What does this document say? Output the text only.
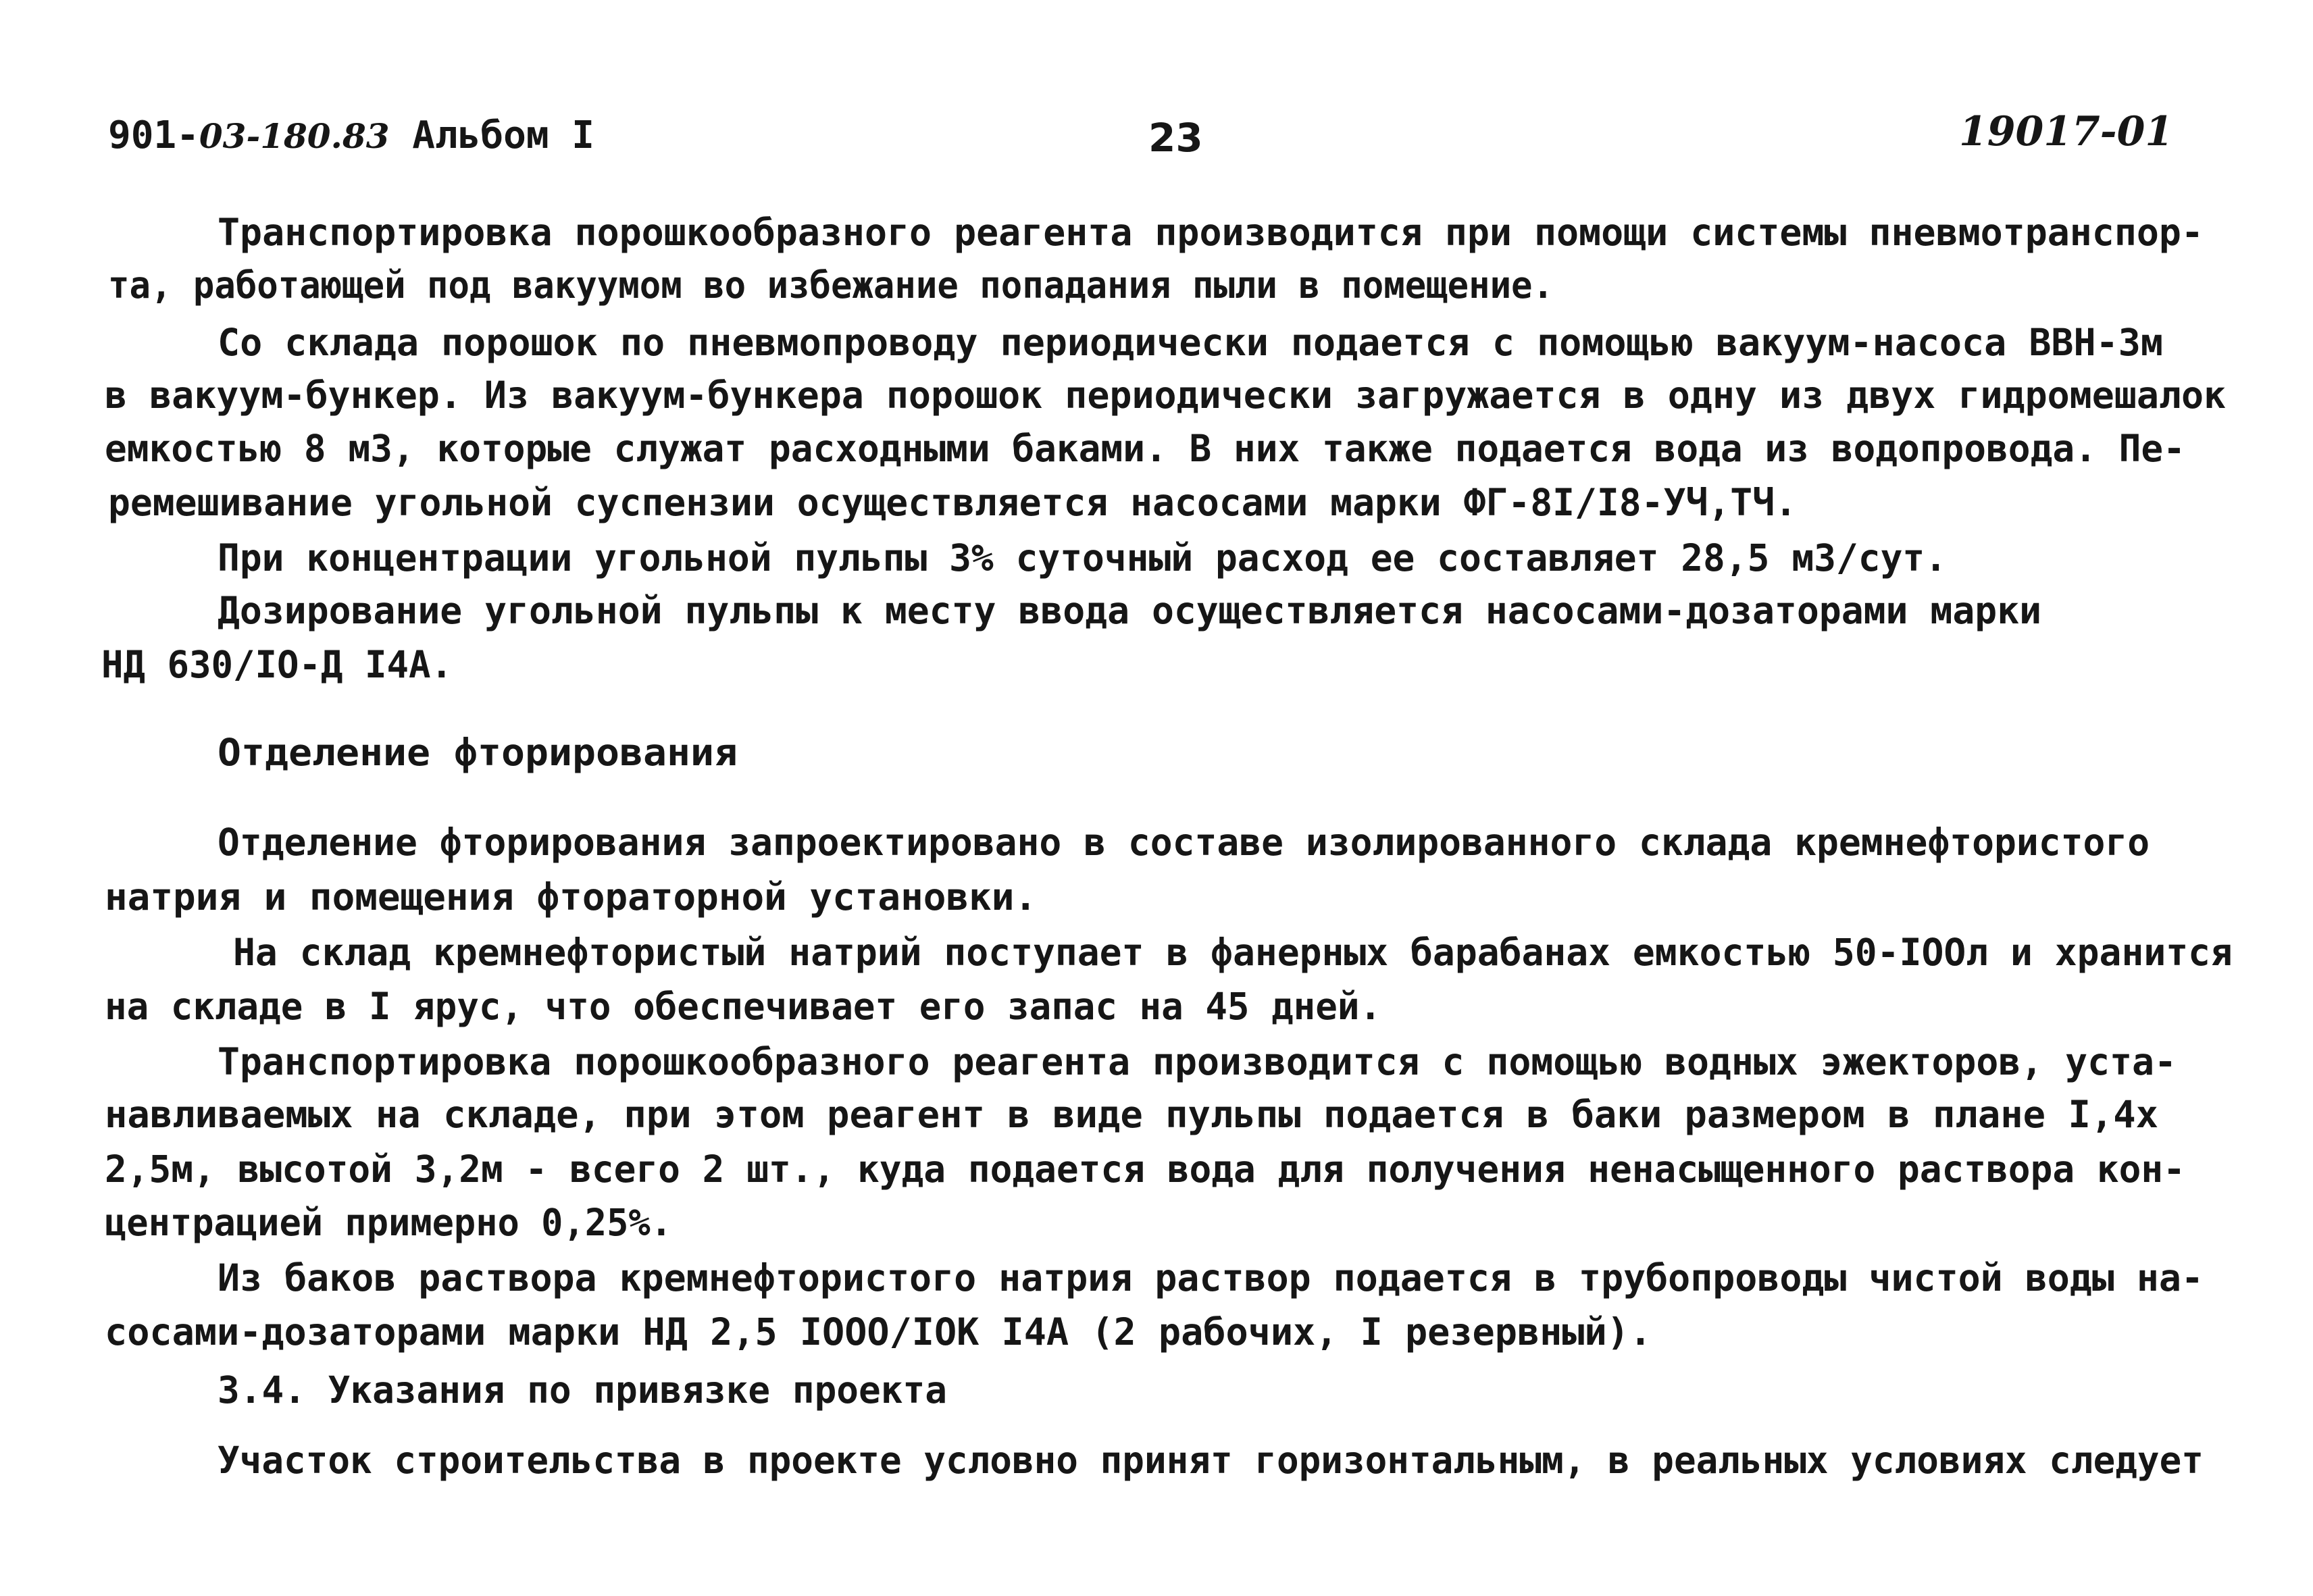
901-03-180.83 Альбом I	23	19017-01
Транспортировка порошкообразного реагента производится при помощи системы пневмотранспор-
та, работающей под вакуумом во избежание попадания пыли в помещение.
Со склада порошок по пневмопроводу периодически подается с помощью вакуум-насоса ВВН-3м
в вакуум-бункер. Из вакуум-бункера порошок периодически загружается в одну из двух гидромешалок
емкостью 8 м3, которые служат расходными баками. В них также подается вода из водопровода. Пе-
ремешивание угольной суспензии осуществляется насосами марки ФГ-8I/I8-УЧ,ТЧ.
При концентрации угольной пульпы 3% суточный расход ее составляет 28,5 м3/сут.
Дозирование угольной пульпы к месту ввода осуществляется насосами-дозаторами марки
НД 630/IO-Д I4A.
Отделение фторирования
Отделение фторирования запроектировано в составе изолированного склада кремнефтористого
натрия и помещения фтораторной установки.
На склад кремнефтористый натрий поступает в фанерных барабанах емкостью 50-IOOл и хранится
на складе в I ярус, что обеспечивает его запас на 45 дней.
Транспортировка порошкообразного реагента производится с помощью водных эжекторов, уста-
навливаемых на складе, при этом реагент в виде пульпы подается в баки размером в плане I,4x
2,5м, высотой 3,2м - всего 2 шт., куда подается вода для получения ненасыщенного раствора кон-
центрацией примерно 0,25%.
Из баков раствора кремнефтористого натрия раствор подается в трубопроводы чистой воды на-
сосами-дозаторами марки НД 2,5 IOOO/IOK I4A (2 рабочих, I резервный).
3.4. Указания по привязке проекта
Участок строительства в проекте условно принят горизонтальным, в реальных условиях следует
